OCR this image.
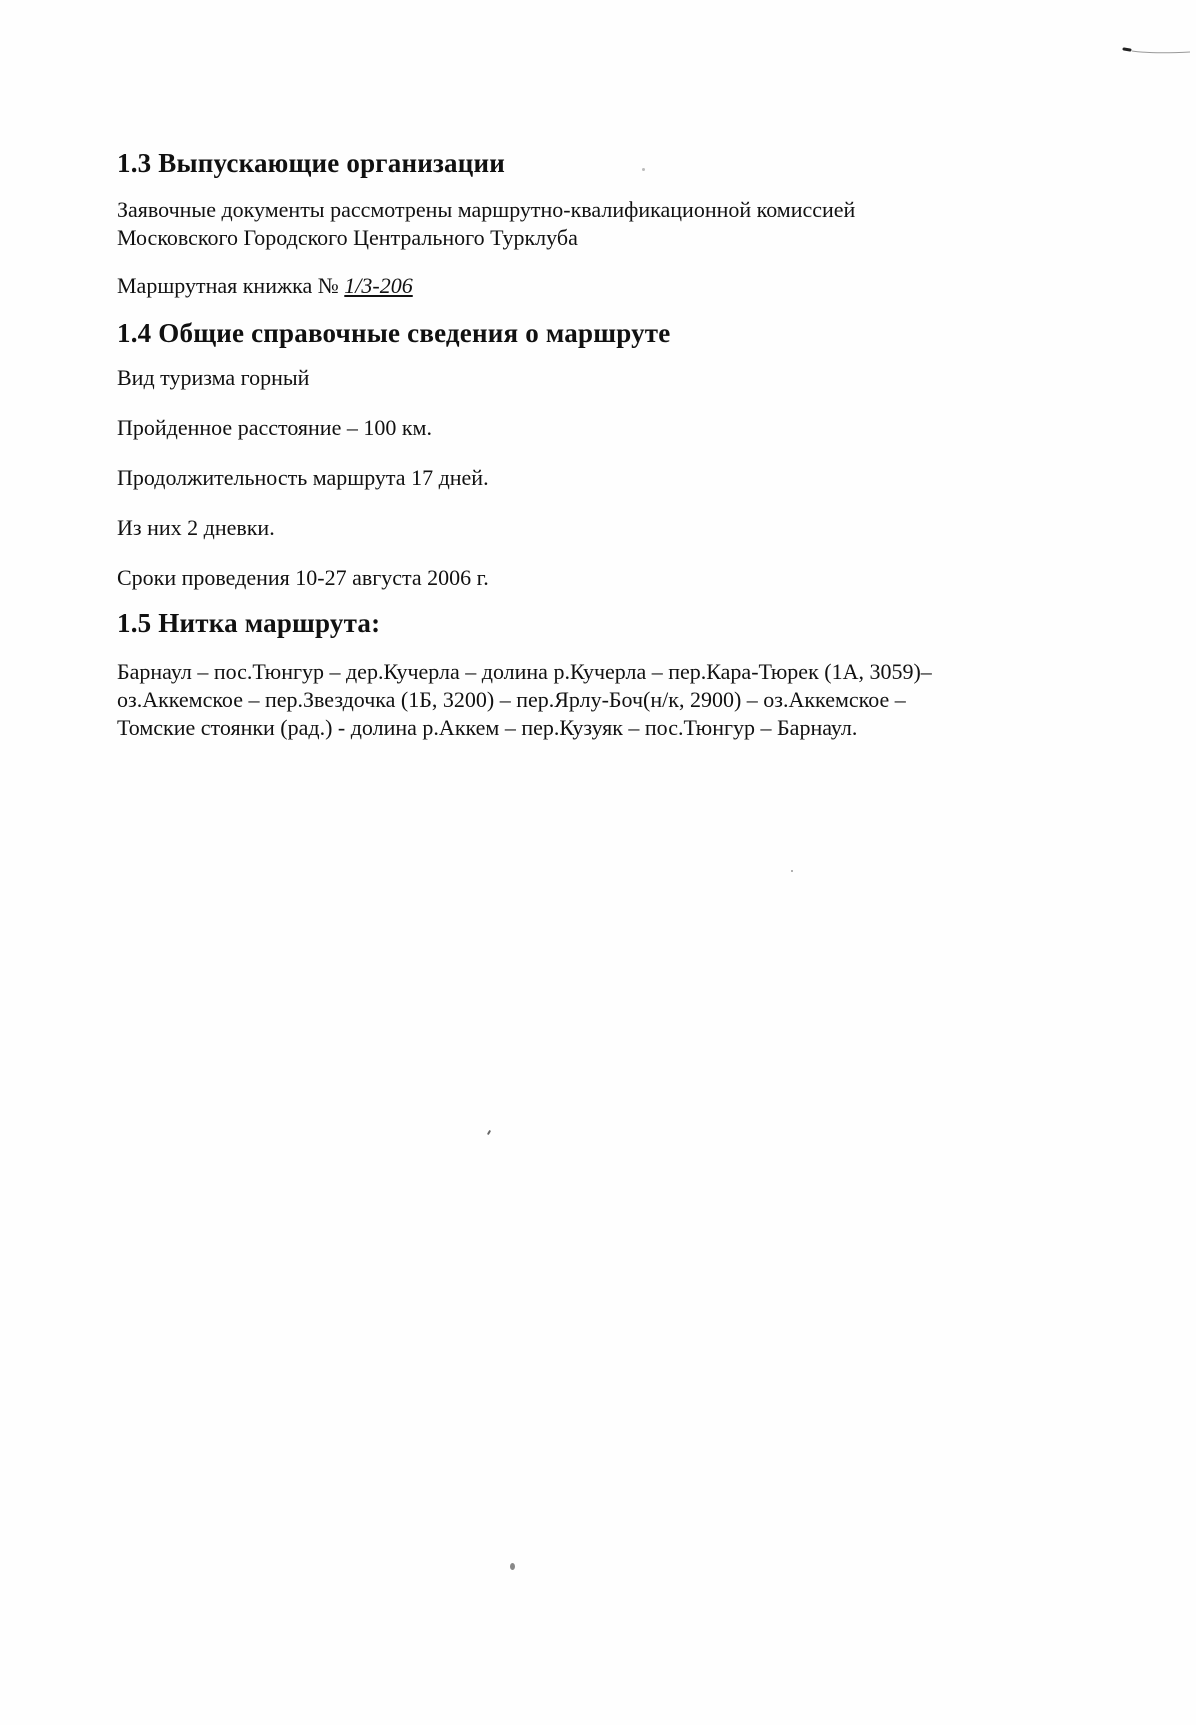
1.3 Выпускающие организации

Заявочные документы рассмотрены маршрутно-квалификационной комиссией

Московского Городского Центрального Турклуба

Маршрутная книжка № 1/3-206

1.4 Общие справочные сведения о маршруте

Вид туризма горный

Пройденное расстояние – 100 км.

Продолжительность маршрута 17 дней.

Из них 2 дневки.

Сроки проведения 10-27 августа 2006 г.

1.5 Нитка маршрута:

Барнаул – пос.Тюнгур – дер.Кучерла – долина р.Кучерла – пер.Кара-Тюрек (1А, 3059)–

оз.Аккемское – пер.Звездочка (1Б, 3200) – пер.Ярлу-Боч(н/к, 2900) – оз.Аккемское –

Томские стоянки (рад.) - долина р.Аккем – пер.Кузуяк – пос.Тюнгур – Барнаул.
